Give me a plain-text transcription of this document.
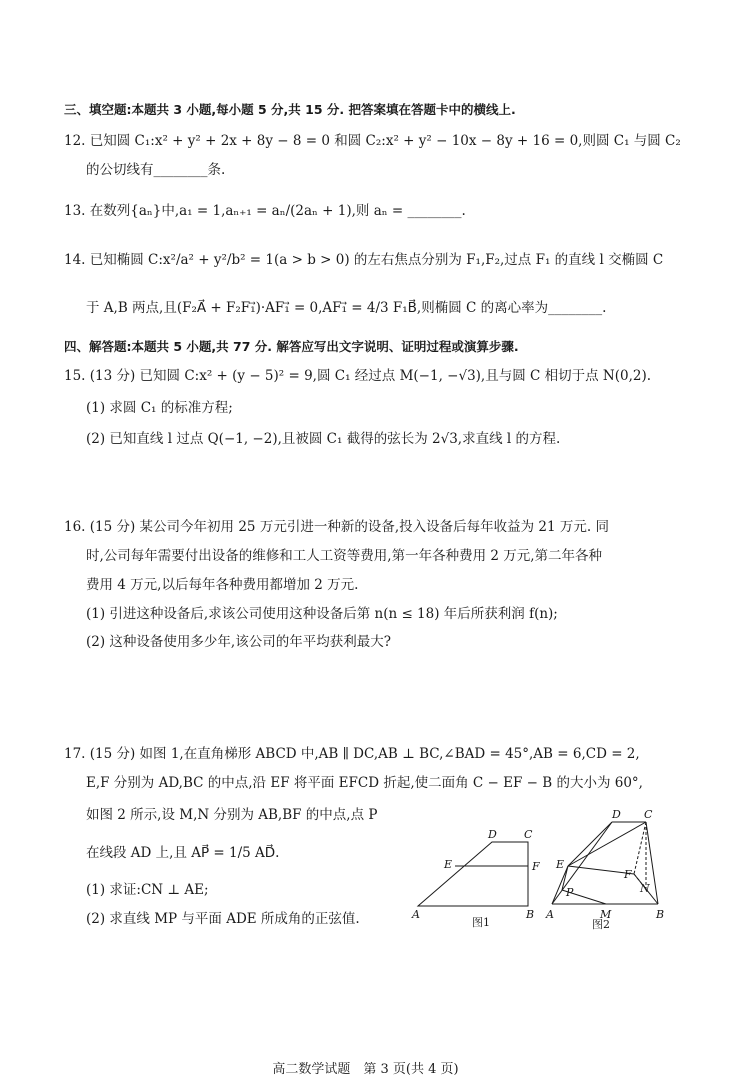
三、填空题:本题共 3 小题,每小题 5 分,共 15 分. 把答案填在答题卡中的横线上.
12. 已知圆 C₁:x² + y² + 2x + 8y − 8 = 0 和圆 C₂:x² + y² − 10x − 8y + 16 = 0,则圆 C₁ 与圆 C₂
的公切线有________条.
13. 在数列{aₙ}中,a₁ = 1,aₙ₊₁ = aₙ/(2aₙ + 1),则 aₙ = ________.
14. 已知椭圆 C:x²/a² + y²/b² = 1(a > b > 0) 的左右焦点分别为 F₁,F₂,过点 F₁ 的直线 l 交椭圆 C
于 A,B 两点,且(F₂A⃗ + F₂F₁⃗)·AF₁⃗ = 0,AF₁⃗ = 4/3 F₁B⃗,则椭圆 C 的离心率为________.
四、解答题:本题共 5 小题,共 77 分. 解答应写出文字说明、证明过程或演算步骤.
15. (13 分) 已知圆 C:x² + (y − 5)² = 9,圆 C₁ 经过点 M(−1, −√3),且与圆 C 相切于点 N(0,2).
(1) 求圆 C₁ 的标准方程;
(2) 已知直线 l 过点 Q(−1, −2),且被圆 C₁ 截得的弦长为 2√3,求直线 l 的方程.
16. (15 分) 某公司今年初用 25 万元引进一种新的设备,投入设备后每年收益为 21 万元. 同
时,公司每年需要付出设备的维修和工人工资等费用,第一年各种费用 2 万元,第二年各种
费用 4 万元,以后每年各种费用都增加 2 万元.
(1) 引进这种设备后,求该公司使用这种设备后第 n(n ≤ 18) 年后所获利润 f(n);
(2) 这种设备使用多少年,该公司的年平均获利最大?
17. (15 分) 如图 1,在直角梯形 ABCD 中,AB ∥ DC,AB ⊥ BC,∠BAD = 45°,AB = 6,CD = 2,
E,F 分别为 AD,BC 的中点,沿 EF 将平面 EFCD 折起,使二面角 C − EF − B 的大小为 60°,
如图 2 所示,设 M,N 分别为 AB,BF 的中点,点 P
在线段 AD 上,且 AP⃗ = 1/5 AD⃗.
(1) 求证:CN ⊥ AE;
(2) 求直线 MP 与平面 ADE 所成角的正弦值.
D C
E	F
A	B
图1
D C
E
F
N
P
A	M	B
图2
高二数学试题　第 3 页(共 4 页)
